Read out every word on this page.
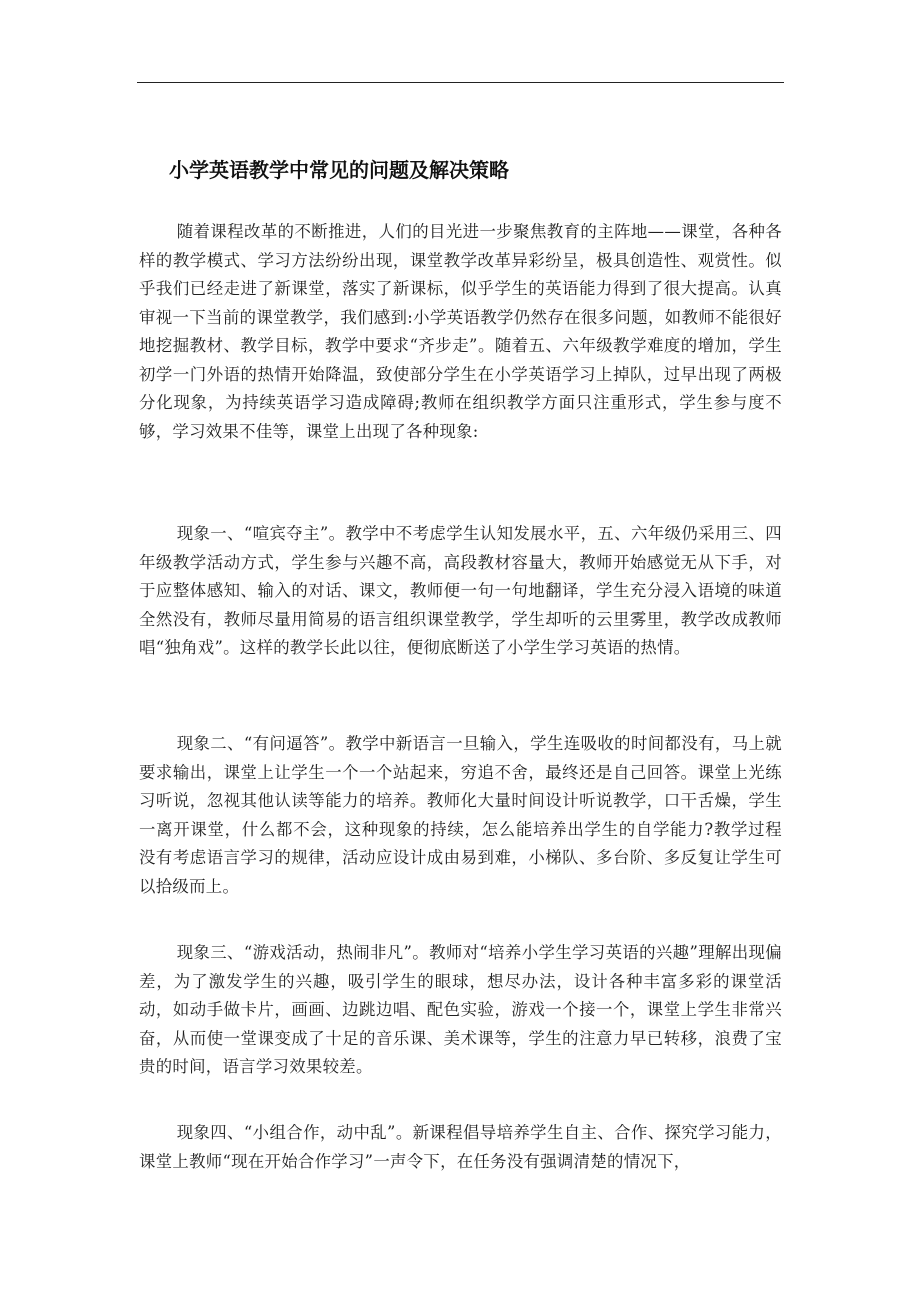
小学英语教学中常见的问题及解决策略

随着课程改革的不断推进，人们的目光进一步聚焦教育的主阵地——课堂，各种各样的教学模式、学习方法纷纷出现，课堂教学改革异彩纷呈，极具创造性、观赏性。似乎我们已经走进了新课堂，落实了新课标，似乎学生的英语能力得到了很大提高。认真审视一下当前的课堂教学，我们感到:小学英语教学仍然存在很多问题，如教师不能很好地挖掘教材、教学目标，教学中要求“齐步走”。随着五、六年级教学难度的增加，学生初学一门外语的热情开始降温，致使部分学生在小学英语学习上掉队，过早出现了两极分化现象，为持续英语学习造成障碍;教师在组织教学方面只注重形式，学生参与度不够，学习效果不佳等，课堂上出现了各种现象:

现象一、“喧宾夺主”。教学中不考虑学生认知发展水平，五、六年级仍采用三、四年级教学活动方式，学生参与兴趣不高，高段教材容量大，教师开始感觉无从下手，对于应整体感知、输入的对话、课文，教师便一句一句地翻译，学生充分浸入语境的味道全然没有，教师尽量用简易的语言组织课堂教学，学生却听的云里雾里，教学改成教师唱“独角戏”。这样的教学长此以往，便彻底断送了小学生学习英语的热情。

现象二、“有问逼答”。教学中新语言一旦输入，学生连吸收的时间都没有，马上就要求输出，课堂上让学生一个一个站起来，穷追不舍，最终还是自己回答。课堂上光练习听说，忽视其他认读等能力的培养。教师化大量时间设计听说教学，口干舌燥，学生一离开课堂，什么都不会，这种现象的持续，怎么能培养出学生的自学能力?教学过程没有考虑语言学习的规律，活动应设计成由易到难，小梯队、多台阶、多反复让学生可以拾级而上。

现象三、“游戏活动，热闹非凡”。教师对“培养小学生学习英语的兴趣”理解出现偏差，为了激发学生的兴趣，吸引学生的眼球，想尽办法，设计各种丰富多彩的课堂活动，如动手做卡片，画画、边跳边唱、配色实验，游戏一个接一个，课堂上学生非常兴奋，从而使一堂课变成了十足的音乐课、美术课等，学生的注意力早已转移，浪费了宝贵的时间，语言学习效果较差。

现象四、“小组合作，动中乱”。新课程倡导培养学生自主、合作、探究学习能力，课堂上教师“现在开始合作学习”一声令下，在任务没有强调清楚的情况下，
